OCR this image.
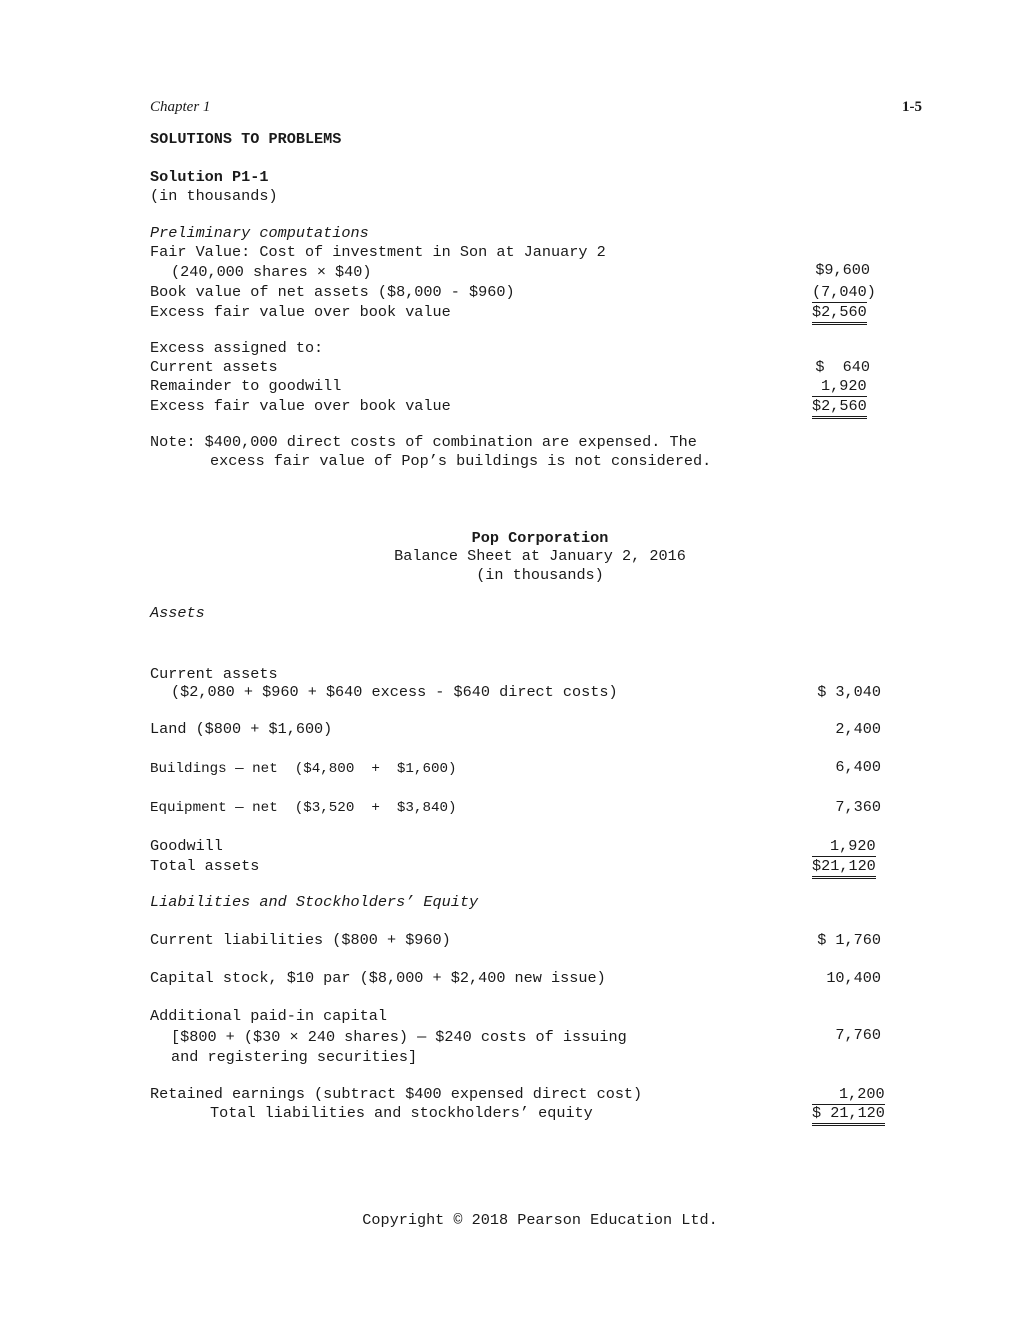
Chapter 1	1-5
SOLUTIONS TO PROBLEMS
Solution P1-1
(in thousands)
Preliminary computations
Fair Value: Cost of investment in Son at January 2
(240,000 shares × $40)	$9,600
Book value of net assets ($8,000 - $960)	(7,040)
Excess fair value over book value	$2,560
Excess assigned to:
Current assets	$  640
Remainder to goodwill	1,920
Excess fair value over book value	$2,560
Note: $400,000 direct costs of combination are expensed. The
excess fair value of Pop’s buildings is not considered.
Pop Corporation
Balance Sheet at January 2, 2016
(in thousands)
Assets
Current assets
($2,080 + $960 + $640 excess - $640 direct costs)	$ 3,040
Land ($800 + $1,600)	2,400
Buildings — net  ($4,800  +  $1,600)	6,400
Equipment — net  ($3,520  +  $3,840)	7,360
Goodwill	1,920
Total assets	$21,120
Liabilities and Stockholders’ Equity
Current liabilities ($800 + $960)	$ 1,760
Capital stock, $10 par ($8,000 + $2,400 new issue)	10,400
Additional paid-in capital
[$800 + ($30 × 240 shares) — $240 costs of issuing
and registering securities]
7,760
Retained earnings (subtract $400 expensed direct cost)	1,200
Total liabilities and stockholders’ equity	$ 21,120
Copyright © 2018 Pearson Education Ltd.
